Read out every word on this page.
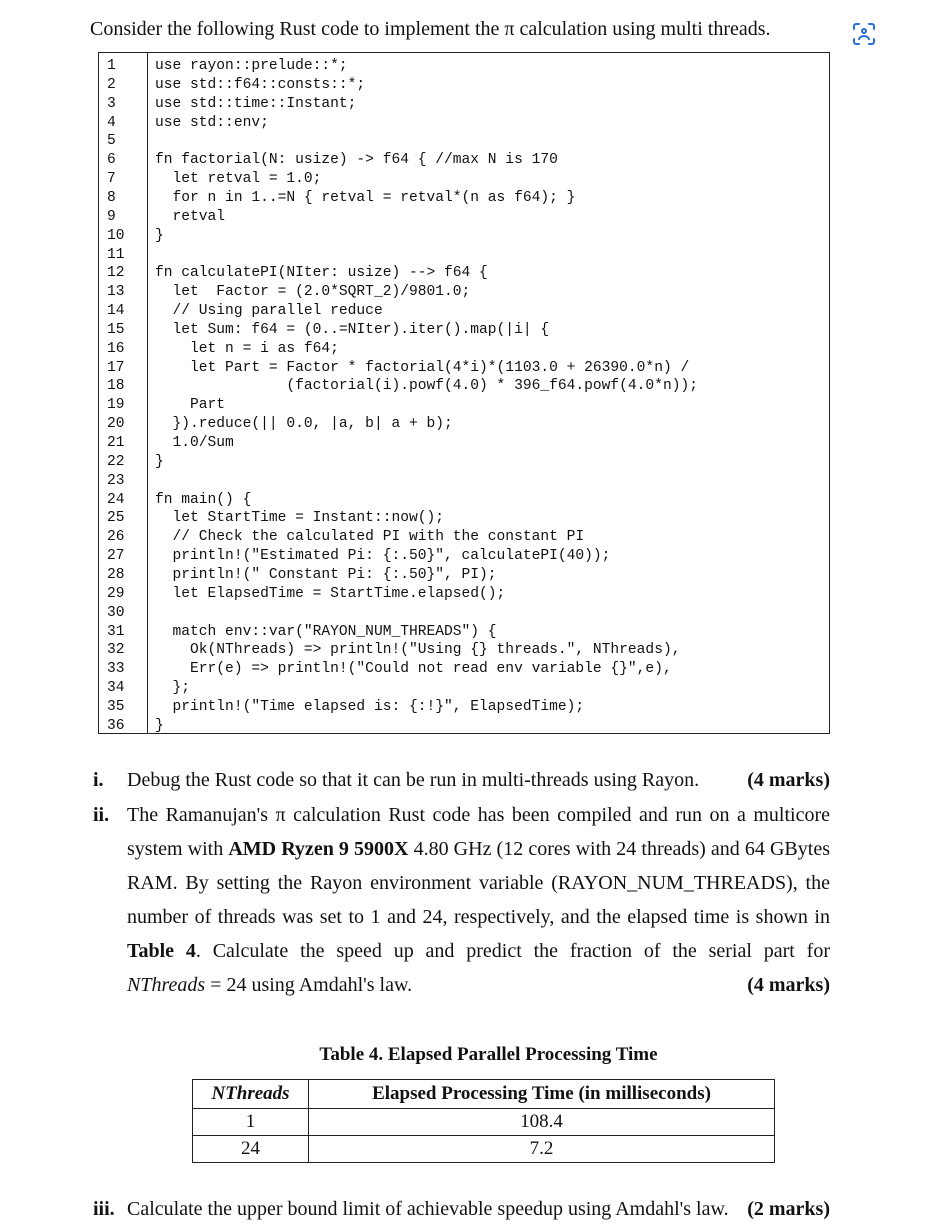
Consider the following Rust code to implement the π calculation using multi threads.
1	use rayon::prelude::*;
2	use std::f64::consts::*;
3	use std::time::Instant;
4	use std::env;
5
6	fn factorial(N: usize) -> f64 { //max N is 170
7	let retval = 1.0;
8	for n in 1..=N { retval = retval*(n as f64); }
9	retval
10	}
11
12	fn calculatePI(NIter: usize) --> f64 {
13	let  Factor = (2.0*SQRT_2)/9801.0;
14	// Using parallel reduce
15	let Sum: f64 = (0..=NIter).iter().map(|i| {
16	let n = i as f64;
17	let Part = Factor * factorial(4*i)*(1103.0 + 26390.0*n) /
18	(factorial(i).powf(4.0) * 396_f64.powf(4.0*n));
19	Part
20	}).reduce(|| 0.0, |a, b| a + b);
21	1.0/Sum
22	}
23
24	fn main() {
25	let StartTime = Instant::now();
26	// Check the calculated PI with the constant PI
27	println!("Estimated Pi: {:.50}", calculatePI(40));
28	println!(" Constant Pi: {:.50}", PI);
29	let ElapsedTime = StartTime.elapsed();
30
31	match env::var("RAYON_NUM_THREADS") {
32	Ok(NThreads) => println!("Using {} threads.", NThreads),
33	Err(e) => println!("Could not read env variable {}",e),
34	};
35	println!("Time elapsed is: {:!}", ElapsedTime);
36	}
i.	Debug the Rust code so that it can be run in multi-threads using Rayon.	(4 marks)
ii. The Ramanujan's π calculation Rust code has been compiled and run on a multicore
system with AMD Ryzen 9 5900X 4.80 GHz (12 cores with 24 threads) and 64 GBytes
RAM. By setting the Rayon environment variable (RAYON_NUM_THREADS), the
number of threads was set to 1 and 24, respectively, and the elapsed time is shown in
Table 4. Calculate the speed up and predict the fraction of the serial part for
NThreads = 24 using Amdahl's law.	(4 marks)
Table 4. Elapsed Parallel Processing Time
NThreads	Elapsed Processing Time (in milliseconds)
1	108.4
24	7.2
iii. Calculate the upper bound limit of achievable speedup using Amdahl's law. (2 marks)
